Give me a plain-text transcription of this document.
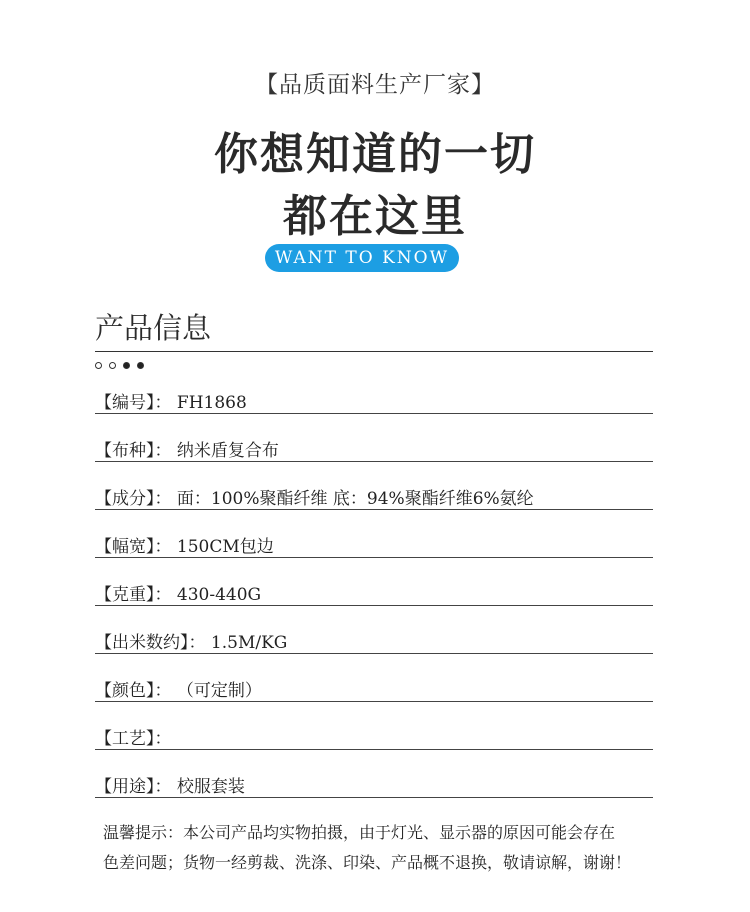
【品质面料生产厂家】
你想知道的一切
都在这里
WANT TO KNOW
产品信息
【编号】： FH1868
【布种】： 纳米盾复合布
【成分】： 面：100%聚酯纤维 底：94%聚酯纤维6%氨纶
【幅宽】： 150CM包边
【克重】： 430-440G
【出米数约】： 1.5M/KG
【颜色】： （可定制）
【工艺】：
【用途】： 校服套装
温馨提示：本公司产品均实物拍摄，由于灯光、显示器的原因可能会存在
色差问题；货物一经剪裁、洗涤、印染、产品概不退换，敬请谅解，谢谢！
